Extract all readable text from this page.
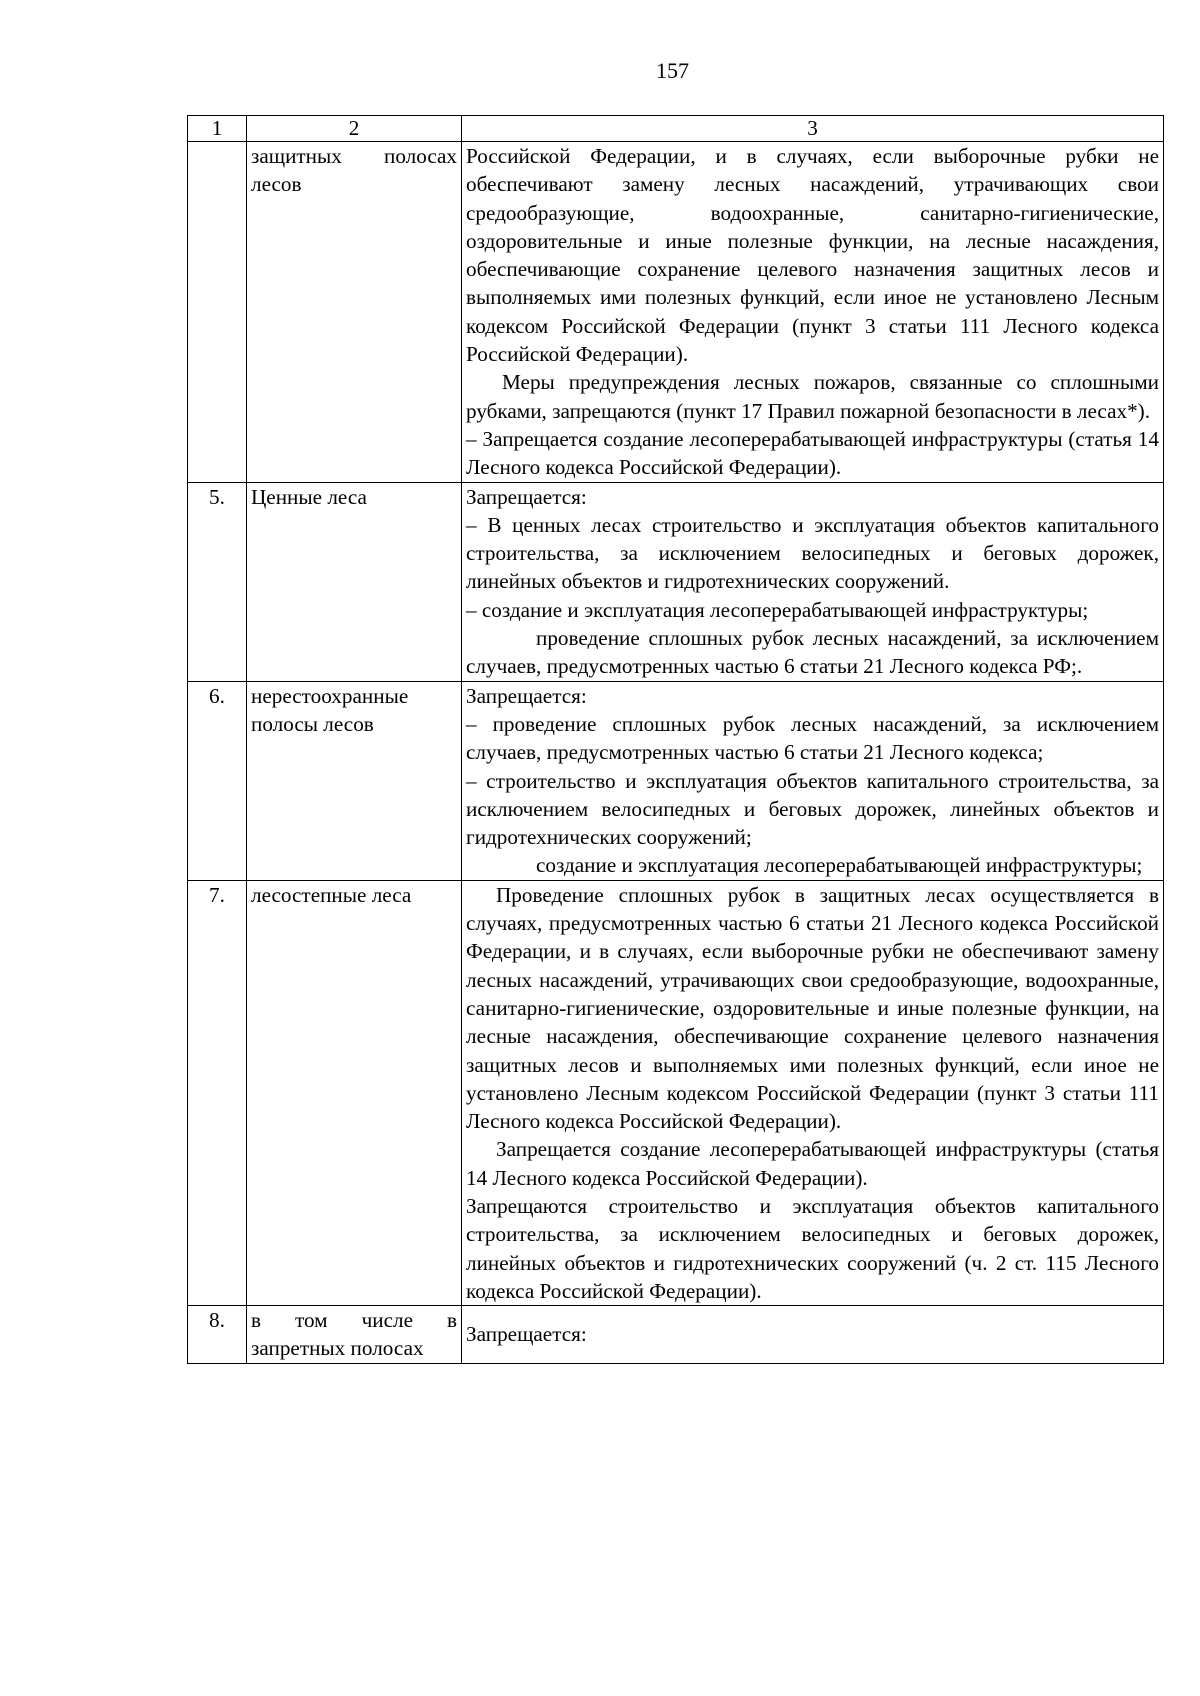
157
1	2	3

	защитных полосах лесов	Российской Федерации, и в случаях, если выборочные рубки не обеспечивают замену лесных насаждений, утрачивающих свои средообразующие, водоохранные, санитарно-гигиенические, оздоровительные и иные полезные функции, на лесные насаждения, обеспечивающие сохранение целевого назначения защитных лесов и выполняемых ими полезных функций, если иное не установлено Лесным кодексом Российской Федерации (пункт 3 статьи 111 Лесного кодекса Российской Федерации).

Меры предупреждения лесных пожаров, связанные со сплошными рубками, запрещаются (пункт 17 Правил пожарной безопасности в лесах*).

– Запрещается создание лесоперерабатывающей инфраструктуры (статья 14 Лесного кодекса Российской Федерации).

5.	Ценные леса	Запрещается:

– В ценных лесах строительство и эксплуатация объектов капитального строительства, за исключением велосипедных и беговых дорожек, линейных объектов и гидротехнических сооружений.

– создание и эксплуатация лесоперерабатывающей инфраструктуры;

проведение сплошных рубок лесных насаждений, за исключением случаев, предусмотренных частью 6 статьи 21 Лесного кодекса РФ;.

6.	нерестоохранные полосы лесов	Запрещается:

– проведение сплошных рубок лесных насаждений, за исключением случаев, предусмотренных частью 6 статьи 21 Лесного кодекса;

– строительство и эксплуатация объектов капитального строительства, за исключением велосипедных и беговых дорожек, линейных объектов и гидротехнических сооружений;

создание и эксплуатация лесоперерабатывающей инфраструктуры;

7.	лесостепные леса	Проведение сплошных рубок в защитных лесах осуществляется в случаях, предусмотренных частью 6 статьи 21 Лесного кодекса Российской Федерации, и в случаях, если выборочные рубки не обеспечивают замену лесных насаждений, утрачивающих свои средообразующие, водоохранные, санитарно-гигиенические, оздоровительные и иные полезные функции, на лесные насаждения, обеспечивающие сохранение целевого назначения защитных лесов и выполняемых ими полезных функций, если иное не установлено Лесным кодексом Российской Федерации (пункт 3 статьи 111 Лесного кодекса Российской Федерации).

Запрещается создание лесоперерабатывающей инфраструктуры (статья 14 Лесного кодекса Российской Федерации).

Запрещаются строительство и эксплуатация объектов капитального строительства, за исключением велосипедных и беговых дорожек, линейных объектов и гидротехнических сооружений (ч. 2 ст. 115 Лесного кодекса Российской Федерации).

8.	в том числе в запретных полосах	Запрещается:
